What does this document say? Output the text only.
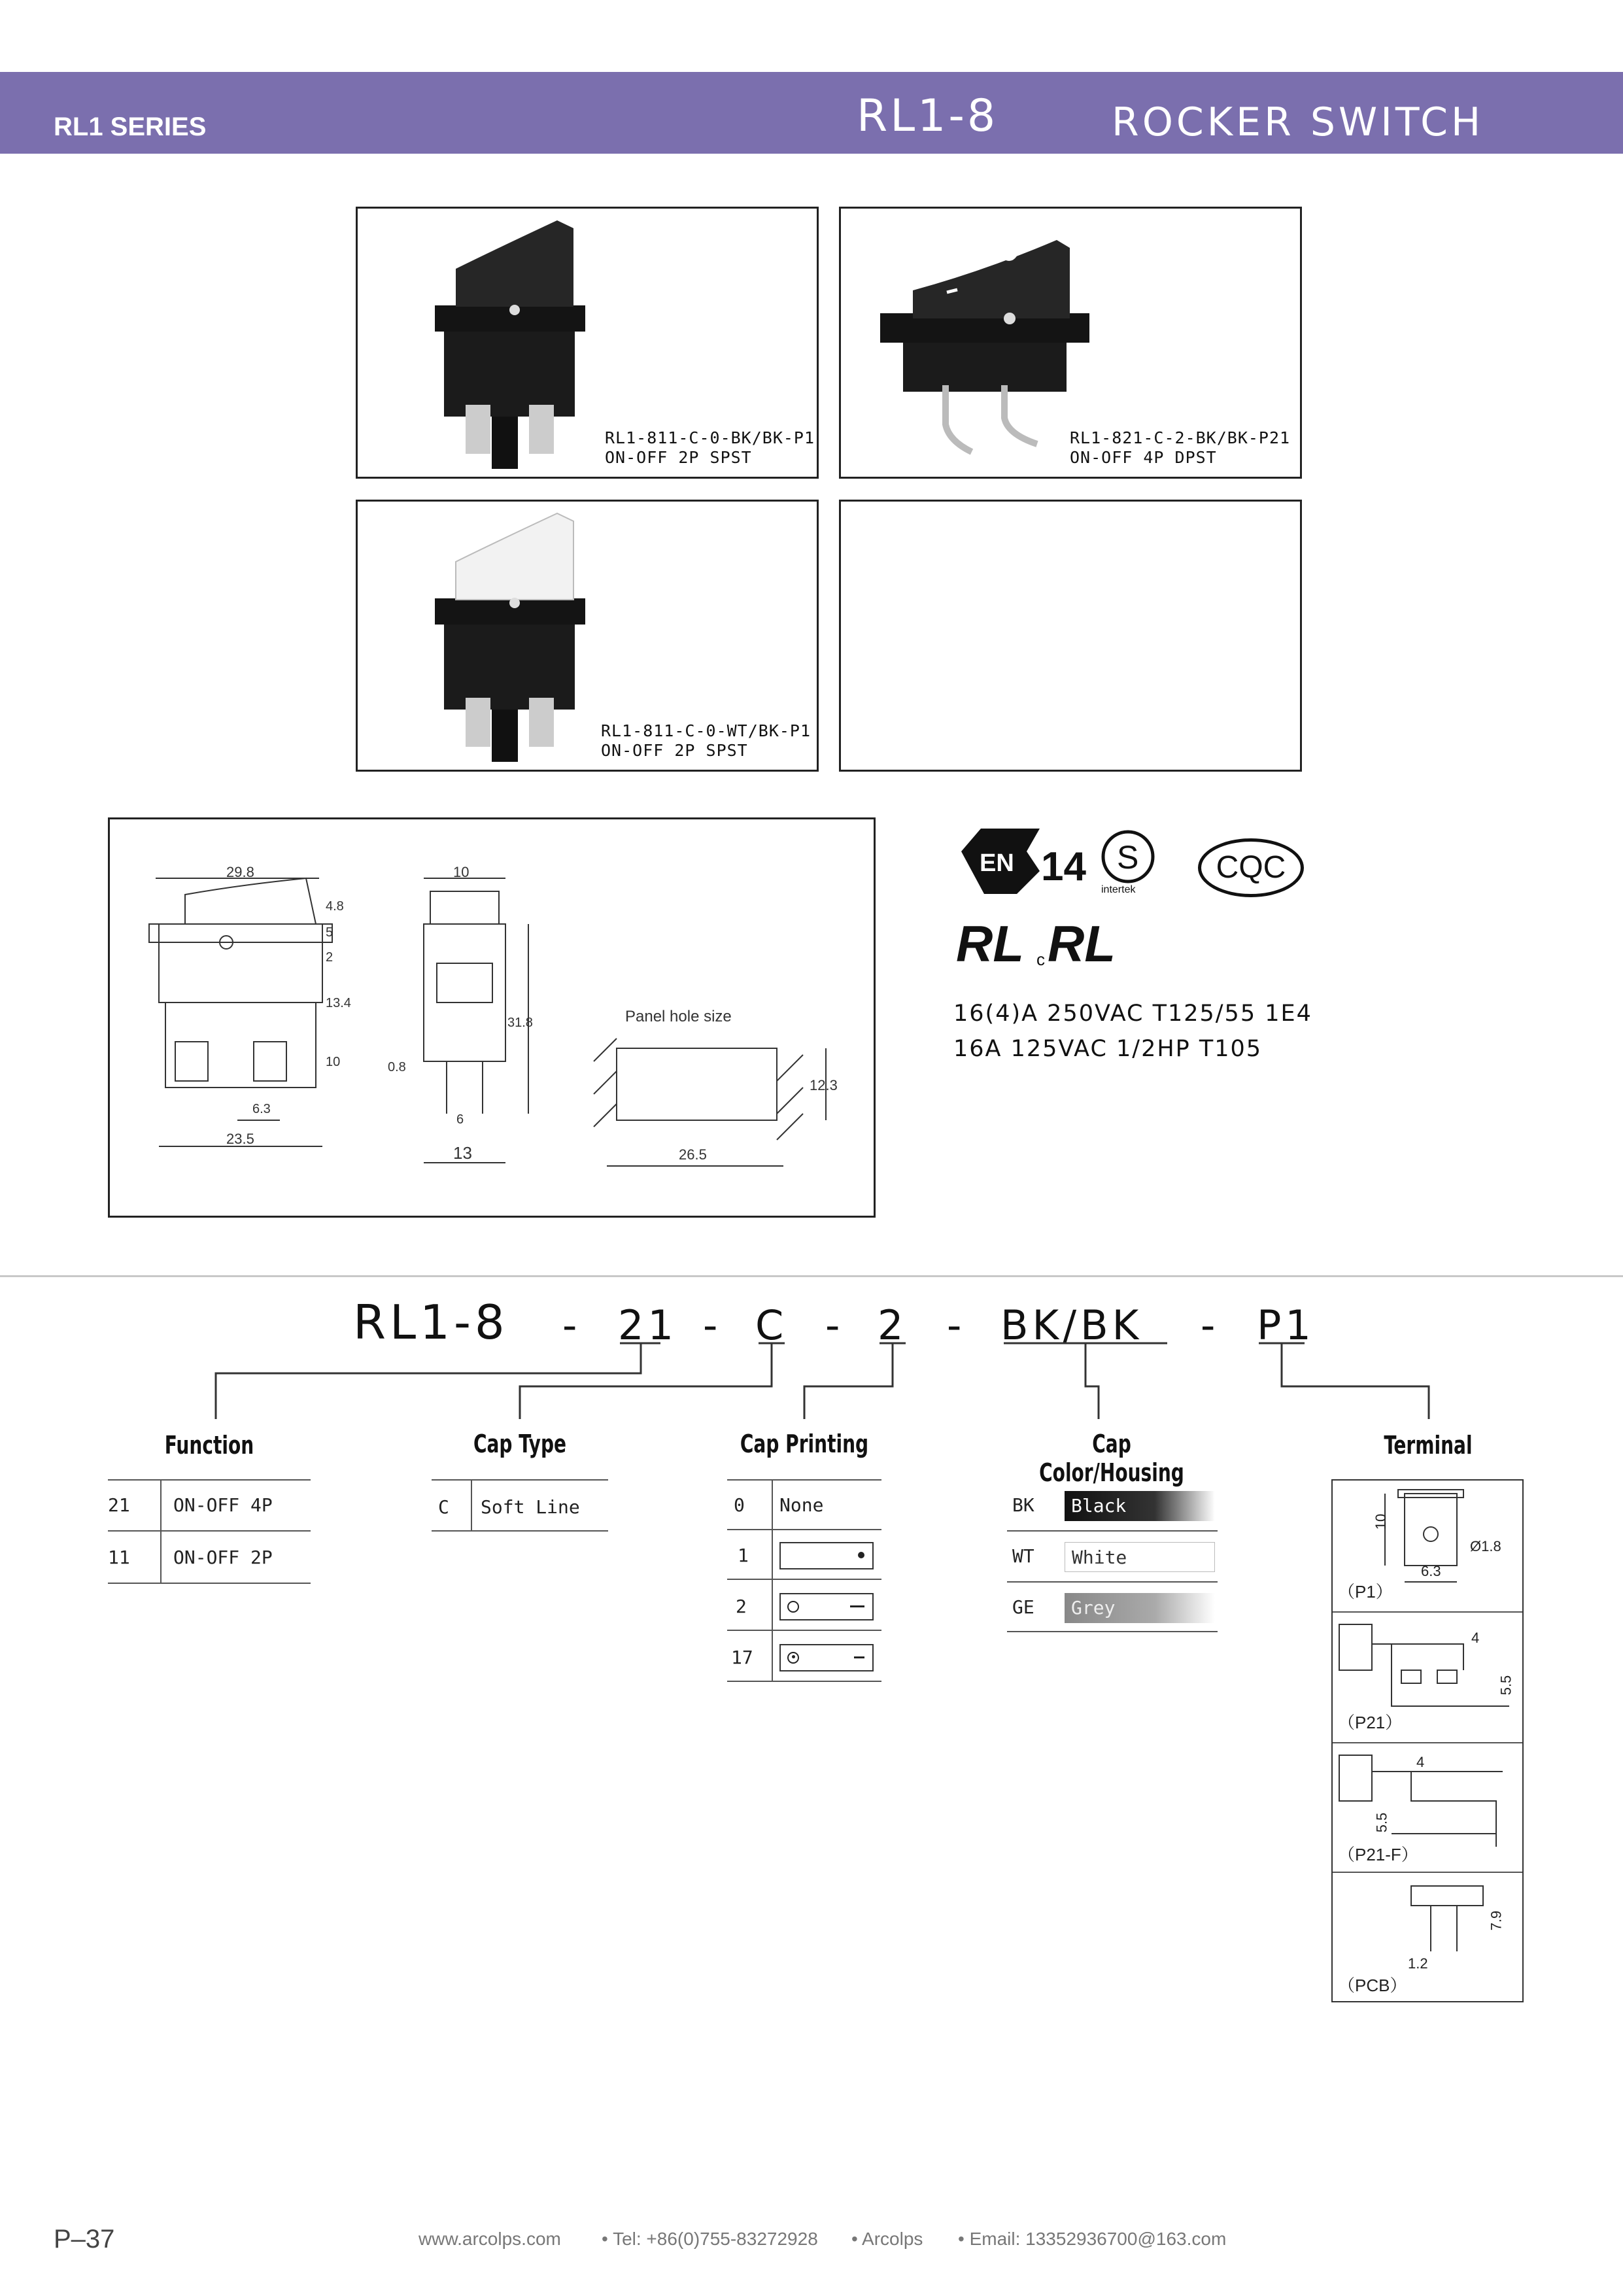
RL1 SERIES	RL1-8	ROCKER SWITCH
RL1-811-C-0-BK/BK-P1
ON-OFF 2P SPST
RL1-821-C-2-BK/BK-P21
ON-OFF 4P DPST
RL1-811-C-0-WT/BK-P1
ON-OFF 2P SPST
29.8	10
4.8
5
2
13.4
10
6.3
23.5
0.8
6
13
31.8	Panel hole size
26.5
12.3
EN 14 S
intertek
CQC
RL c RL
16(4)A 250VAC T125/55 1E4
16A 125VAC 1/2HP T105
RL1-8 - 21 - C - 2 - BK/BK - P1
Function
21 ON-OFF 4P
11 ON-OFF 2P
Cap Type
C Soft Line
Cap Printing
0 None
1
2
17
Cap Color/Housing
BK	Black
WT	White
GE	Grey
Terminal
10
Ø1.8
6.3
（P1）
4
5.5
（P21）
4
5.5
（P21-F）
7.9
1.2
（PCB）
P–37	www.arcolps.com • Tel: +86(0)755-83272928 • Arcolps • Email: 13352936700@163.com
